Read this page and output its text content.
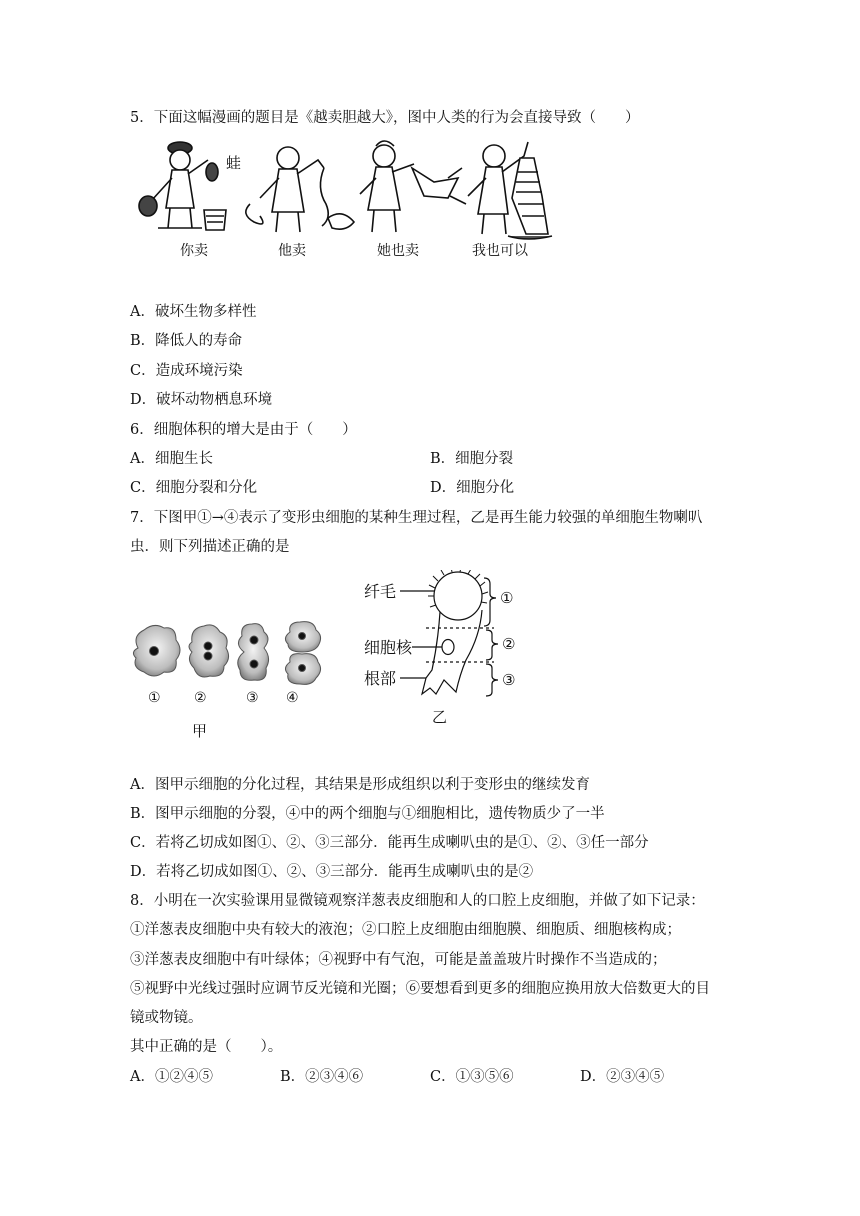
5．下面这幅漫画的题目是《越卖胆越大》，图中人类的行为会直接导致（　　）
蛙
你卖	他卖	她也卖	我也可以
A．破坏生物多样性
B．降低人的寿命
C．造成环境污染
D．破坏动物栖息环境
6．细胞体积的增大是由于（　　）
A．细胞生长	B．细胞分裂
C．细胞分裂和分化	D．细胞分化
7．下图甲①→④表示了变形虫细胞的某种生理过程，乙是再生能力较强的单细胞生物喇叭
虫．则下列描述正确的是
① ②	③ ④
甲
纤毛
细胞核
根部
①
②
③
乙
A．图甲示细胞的分化过程，其结果是形成组织以利于变形虫的继续发育
B．图甲示细胞的分裂，④中的两个细胞与①细胞相比，遗传物质少了一半
C．若将乙切成如图①、②、③三部分．能再生成喇叭虫的是①、②、③任一部分
D．若将乙切成如图①、②、③三部分．能再生成喇叭虫的是②
8．小明在一次实验课用显微镜观察洋葱表皮细胞和人的口腔上皮细胞，并做了如下记录：
①洋葱表皮细胞中央有较大的液泡；②口腔上皮细胞由细胞膜、细胞质、细胞核构成；
③洋葱表皮细胞中有叶绿体；④视野中有气泡，可能是盖盖玻片时操作不当造成的；
⑤视野中光线过强时应调节反光镜和光圈；⑥要想看到更多的细胞应换用放大倍数更大的目
镜或物镜。
其中正确的是（　　）。
A．①②④⑤	B．②③④⑥	C．①③⑤⑥	D．②③④⑤
